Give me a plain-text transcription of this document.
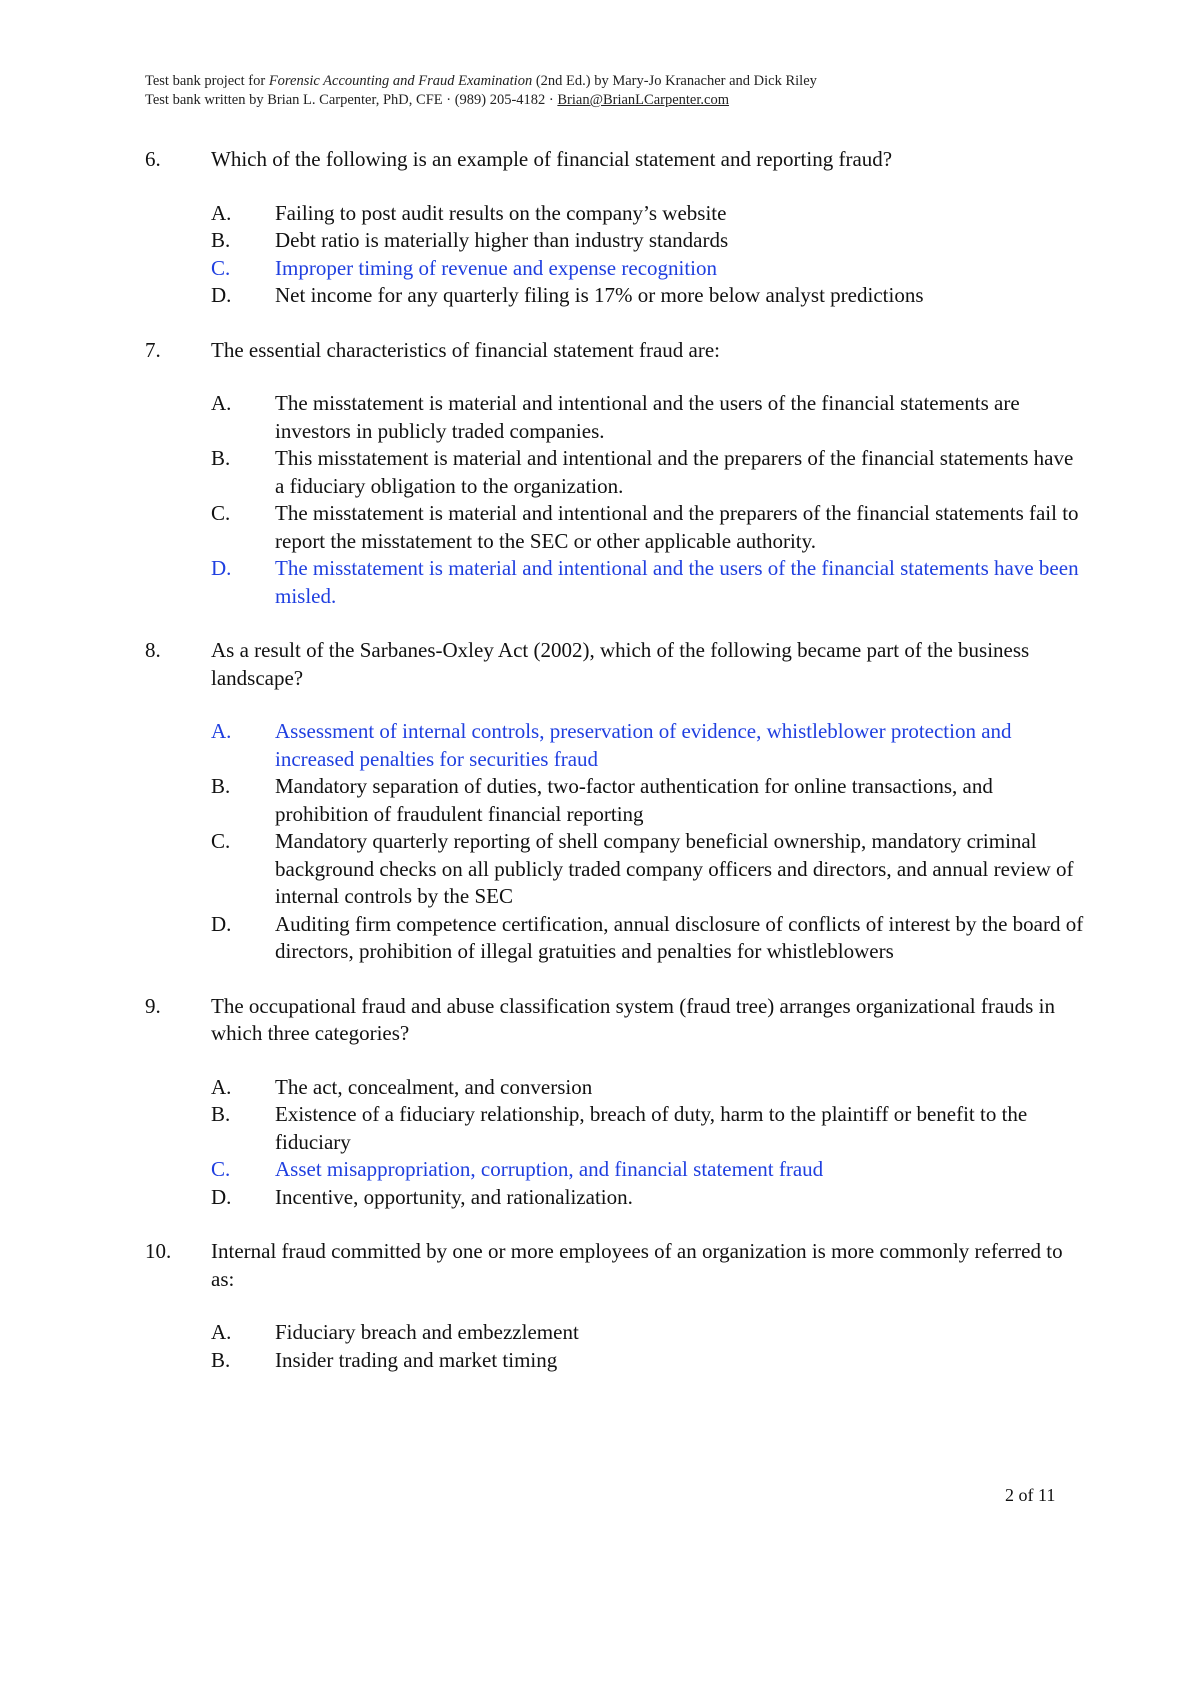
Test bank project for Forensic Accounting and Fraud Examination (2nd Ed.) by Mary-Jo Kranacher and Dick Riley
Test bank written by Brian L. Carpenter, PhD, CFE · (989) 205-4182 · Brian@BrianLCarpenter.com
6.	Which of the following is an example of financial statement and reporting fraud?
A.	Failing to post audit results on the company’s website
B.	Debt ratio is materially higher than industry standards
C.	Improper timing of revenue and expense recognition
D.	Net income for any quarterly filing is 17% or more below analyst predictions
7.	The essential characteristics of financial statement fraud are:
A.	The misstatement is material and intentional and the users of the financial statements are investors in publicly traded companies.
B.	This misstatement is material and intentional and the preparers of the financial statements have a fiduciary obligation to the organization.
C.	The misstatement is material and intentional and the preparers of the financial statements fail to report the misstatement to the SEC or other applicable authority.
D.	The misstatement is material and intentional and the users of the financial statements have been misled.
8.	As a result of the Sarbanes-Oxley Act (2002), which of the following became part of the business landscape?
A.	Assessment of internal controls, preservation of evidence, whistleblower protection and increased penalties for securities fraud
B.	Mandatory separation of duties, two-factor authentication for online transactions, and prohibition of fraudulent financial reporting
C.	Mandatory quarterly reporting of shell company beneficial ownership, mandatory criminal background checks on all publicly traded company officers and directors, and annual review of internal controls by the SEC
D.	Auditing firm competence certification, annual disclosure of conflicts of interest by the board of directors, prohibition of illegal gratuities and penalties for whistleblowers
9.	The occupational fraud and abuse classification system (fraud tree) arranges organizational frauds in which three categories?
A.	The act, concealment, and conversion
B.	Existence of a fiduciary relationship, breach of duty, harm to the plaintiff or benefit to the fiduciary
C.	Asset misappropriation, corruption, and financial statement fraud
D.	Incentive, opportunity, and rationalization.
10.	Internal fraud committed by one or more employees of an organization is more commonly referred to as:
A.	Fiduciary breach and embezzlement
B.	Insider trading and market timing
2 of 11
